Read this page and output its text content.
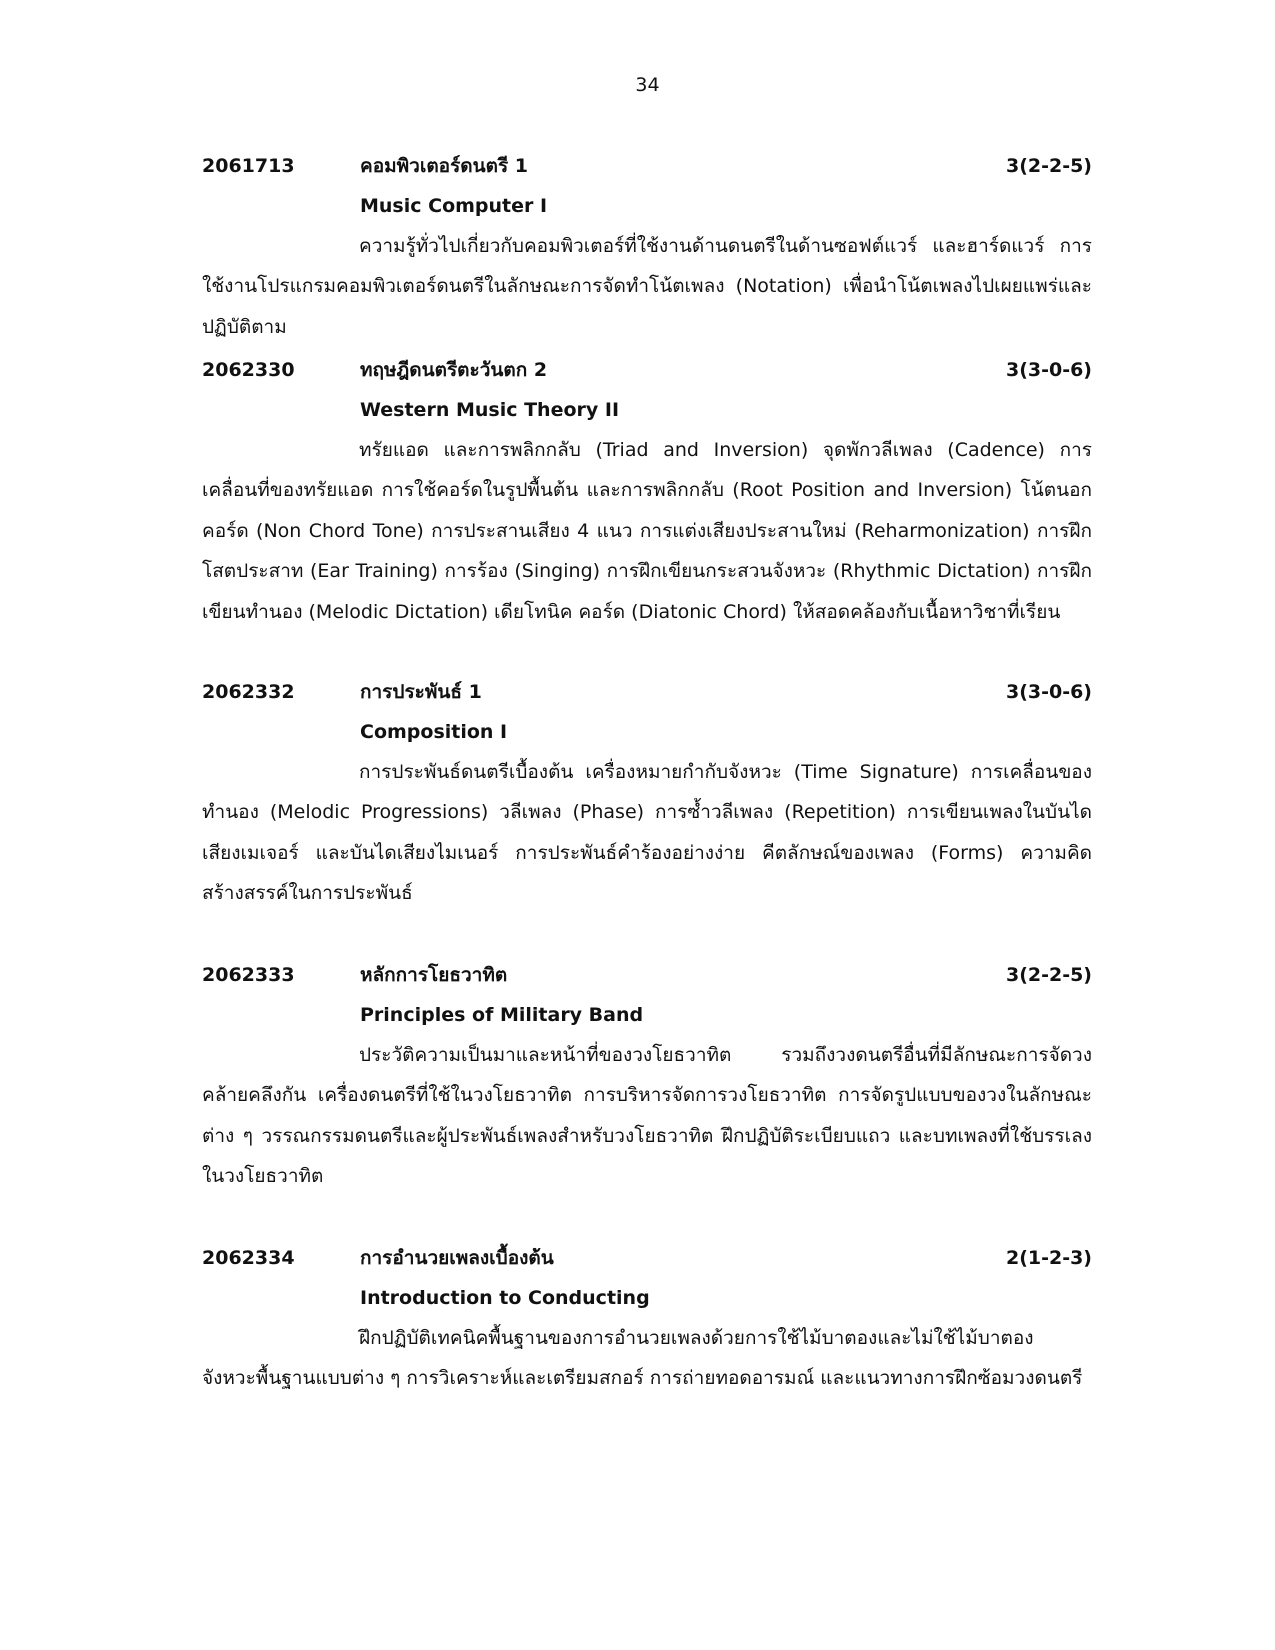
34
2061713	คอมพิวเตอร์ดนตรี 1	3(2-2-5)
Music Computer I

ความรู้ทั่วไปเกี่ยวกับคอมพิวเตอร์ที่ใช้งานด้านดนตรีในด้านซอฟต์แวร์ และฮาร์ดแวร์ การใช้งานโปรแกรมคอมพิวเตอร์ดนตรีในลักษณะการจัดทำโน้ตเพลง (Notation) เพื่อนำโน้ตเพลงไปเผยแพร่และปฏิบัติตาม

2062330	ทฤษฎีดนตรีตะวันตก 2	3(3-0-6)
Western Music Theory II

ทรัยแอด และการพลิกกลับ (Triad and Inversion) จุดพักวลีเพลง (Cadence) การเคลื่อนที่ของทรัยแอด การใช้คอร์ดในรูปพื้นต้น และการพลิกกลับ (Root Position and Inversion) โน้ตนอกคอร์ด (Non Chord Tone) การประสานเสียง 4 แนว การแต่งเสียงประสานใหม่ (Reharmonization) การฝึกโสตประสาท (Ear Training) การร้อง (Singing) การฝึกเขียนกระสวนจังหวะ (Rhythmic Dictation) การฝึกเขียนทำนอง (Melodic Dictation) เดียโทนิค คอร์ด (Diatonic Chord) ให้สอดคล้องกับเนื้อหาวิชาที่เรียน

2062332	การประพันธ์ 1	3(3-0-6)
Composition I

การประพันธ์ดนตรีเบื้องต้น เครื่องหมายกำกับจังหวะ (Time Signature) การเคลื่อนของทำนอง (Melodic Progressions) วลีเพลง (Phase) การซ้ำวลีเพลง (Repetition) การเขียนเพลงในบันไดเสียงเมเจอร์ และบันไดเสียงไมเนอร์ การประพันธ์คำร้องอย่างง่าย คีตลักษณ์ของเพลง (Forms) ความคิดสร้างสรรค์ในการประพันธ์

2062333	หลักการโยธวาทิต	3(2-2-5)
Principles of Military Band

ประวัติความเป็นมาและหน้าที่ของวงโยธวาทิต รวมถึงวงดนตรีอื่นที่มีลักษณะการจัดวงคล้ายคลึงกัน เครื่องดนตรีที่ใช้ในวงโยธวาทิต การบริหารจัดการวงโยธวาทิต การจัดรูปแบบของวงในลักษณะต่าง ๆ วรรณกรรมดนตรีและผู้ประพันธ์เพลงสำหรับวงโยธวาทิต ฝึกปฏิบัติระเบียบแถว และบทเพลงที่ใช้บรรเลงในวงโยธวาทิต

2062334	การอำนวยเพลงเบื้องต้น	2(1-2-3)
Introduction to Conducting

ฝึกปฏิบัติเทคนิคพื้นฐานของการอำนวยเพลงด้วยการใช้ไม้บาตองและไม่ใช้ไม้บาตอง จังหวะพื้นฐานแบบต่าง ๆ การวิเคราะห์และเตรียมสกอร์ การถ่ายทอดอารมณ์ และแนวทางการฝึกซ้อมวงดนตรี
